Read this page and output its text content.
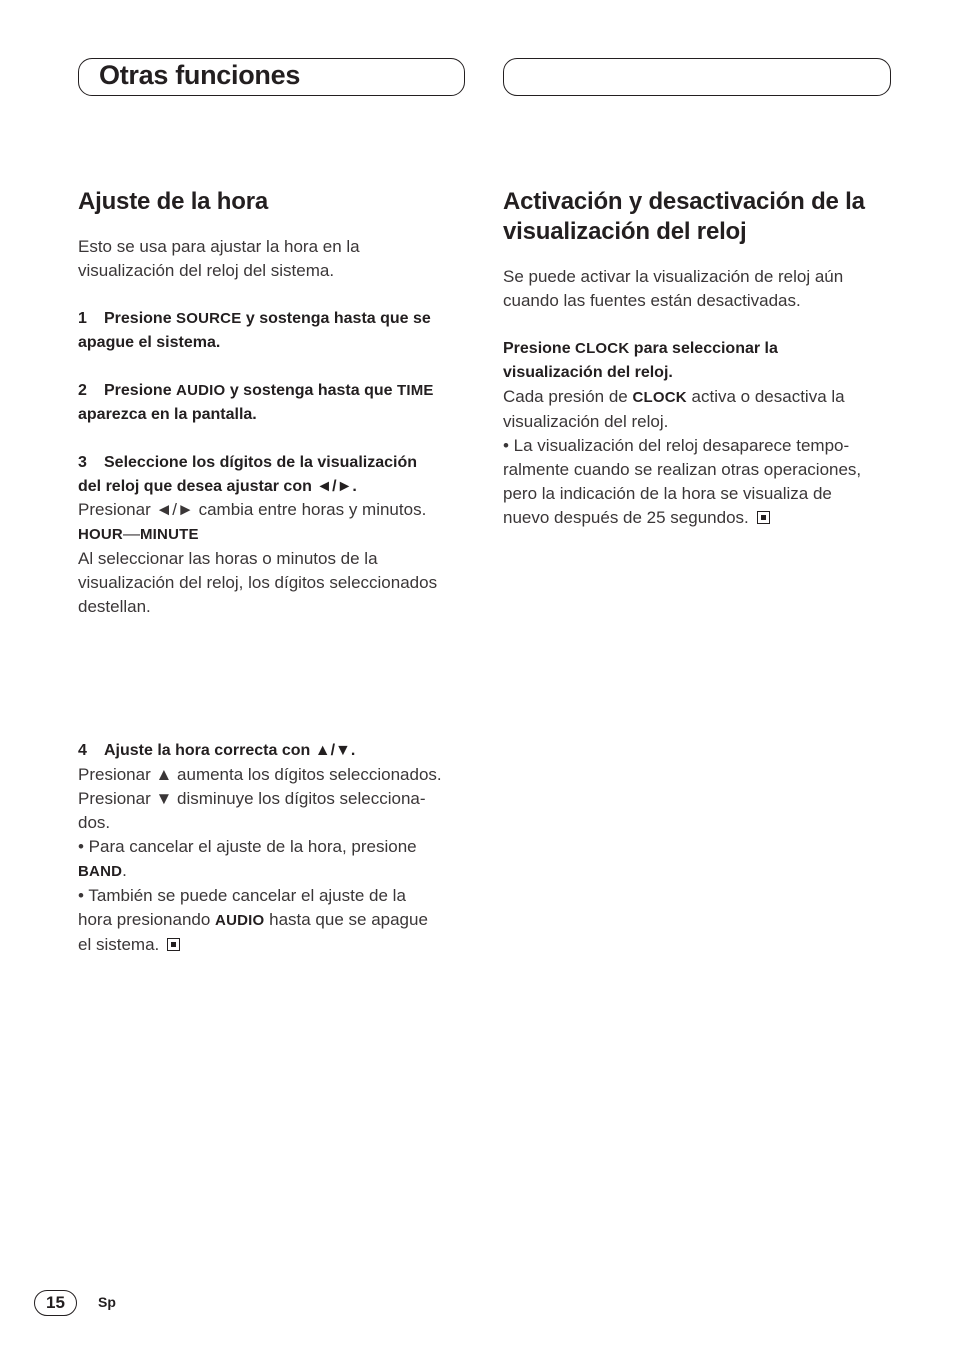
Otras funciones
Ajuste de la hora

Esto se usa para ajustar la hora en la
visualización del reloj del sistema.

1 Presione SOURCE y sostenga hasta que se
apague el sistema.

2 Presione AUDIO y sostenga hasta que TIME
aparezca en la pantalla.

3 Seleccione los dígitos de la visualización
del reloj que desea ajustar con ◄/►.

Presionar ◄/► cambia entre horas y minutos.
HOUR—MINUTE
Al seleccionar las horas o minutos de la
visualización del reloj, los dígitos seleccionados
destellan.

4 Ajuste la hora correcta con ▲/▼.

Presionar ▲ aumenta los dígitos seleccionados.
Presionar ▼ disminuye los dígitos selecciona-
dos.
• Para cancelar el ajuste de la hora, presione
BAND.
• También se puede cancelar el ajuste de la
hora presionando AUDIO hasta que se apague
el sistema.

Activación y desactivación de la
visualización del reloj

Se puede activar la visualización de reloj aún
cuando las fuentes están desactivadas.

Presione CLOCK para seleccionar la
visualización del reloj.

Cada presión de CLOCK activa o desactiva la
visualización del reloj.
• La visualización del reloj desaparece tempo-
ralmente cuando se realizan otras operaciones,
pero la indicación de la hora se visualiza de
nuevo después de 25 segundos.

15	Sp
